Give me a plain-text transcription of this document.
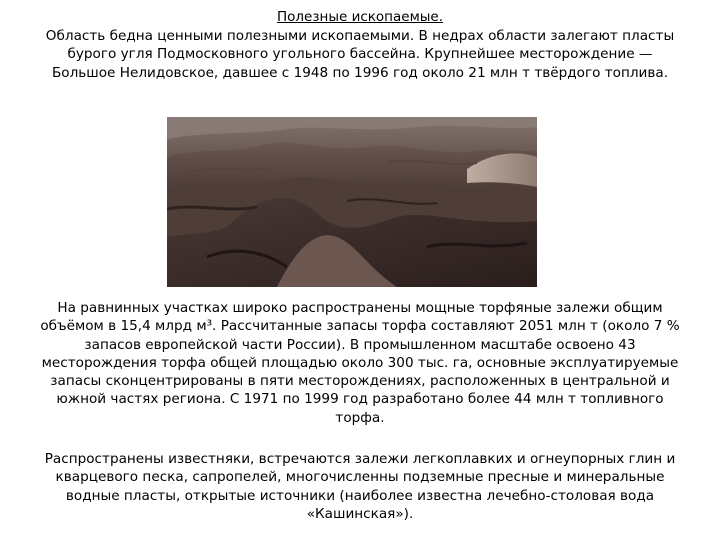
Полезные ископаемые.
Область бедна ценными полезными ископаемыми. В недрах области залегают пласты бурого угля Подмосковного угольного бассейна. Крупнейшее месторождение — Большое Нелидовское, давшее с 1948 по 1996 год около 21 млн т твёрдого топлива.
На равнинных участках широко распространены мощные торфяные залежи общим объёмом в 15,4 млрд м³. Рассчитанные запасы торфа составляют 2051 млн т (около 7 % запасов европейской части России). В промышленном масштабе освоено 43 месторождения торфа общей площадью около 300 тыс. га, основные эксплуатируемые запасы сконцентрированы в пяти месторождениях, расположенных в центральной и южной частях региона. С 1971 по 1999 год разработано более 44 млн т топливного торфа.
Распространены известняки, встречаются залежи легкоплавких и огнеупорных глин и кварцевого песка, сапропелей, многочисленны подземные пресные и минеральные водные пласты, открытые источники (наиболее известна лечебно-столовая вода «Кашинская»).
